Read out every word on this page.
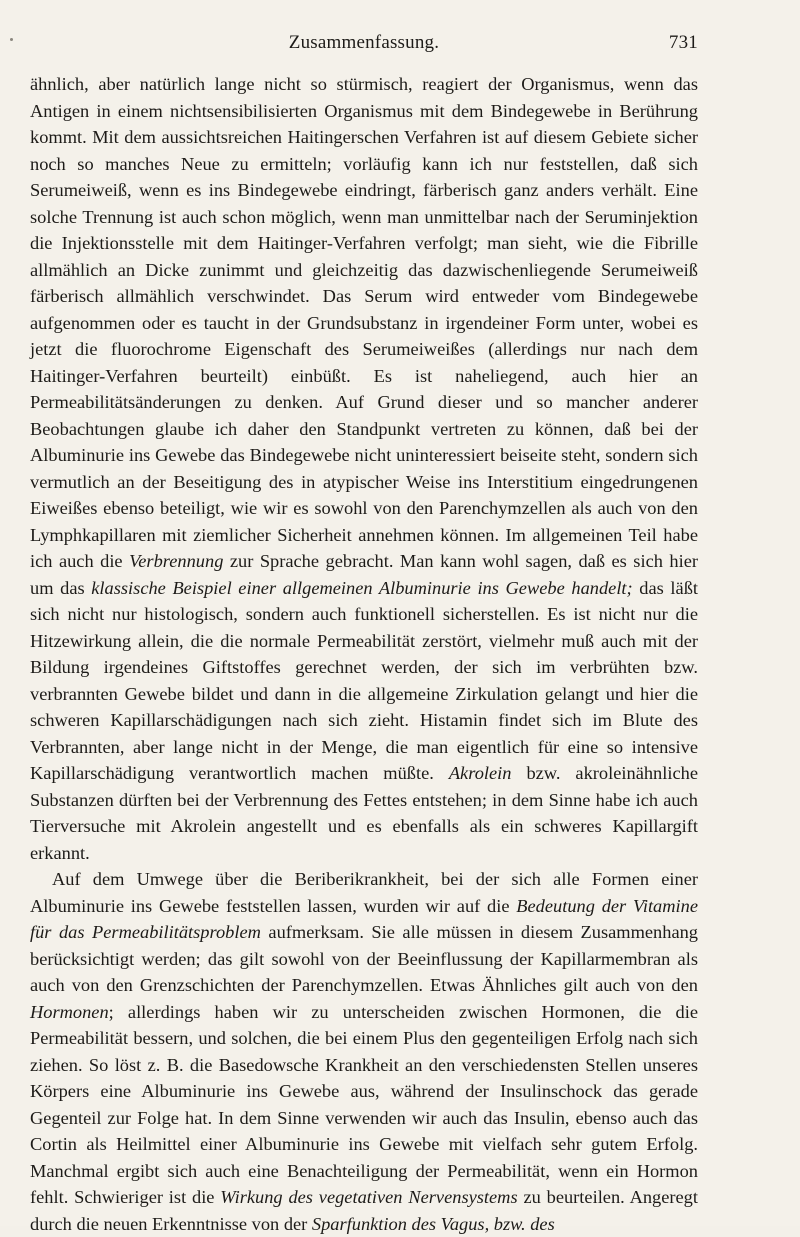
Zusammenfassung.	731

ähnlich, aber natürlich lange nicht so stürmisch, reagiert der Organismus, wenn das Antigen in einem nichtsensibilisierten Organismus mit dem Bindegewebe in Berührung kommt. Mit dem aussichtsreichen Haitingerschen Verfahren ist auf diesem Gebiete sicher noch so manches Neue zu ermitteln; vorläufig kann ich nur feststellen, daß sich Serumeiweiß, wenn es ins Bindegewebe eindringt, färberisch ganz anders verhält. Eine solche Trennung ist auch schon möglich, wenn man unmittelbar nach der Seruminjektion die Injektionsstelle mit dem Haitinger-Verfahren verfolgt; man sieht, wie die Fibrille allmählich an Dicke zunimmt und gleichzeitig das dazwischenliegende Serumeiweiß färberisch allmählich verschwindet. Das Serum wird entweder vom Bindegewebe aufgenommen oder es taucht in der Grundsubstanz in irgendeiner Form unter, wobei es jetzt die fluorochrome Eigenschaft des Serumeiweißes (allerdings nur nach dem Haitinger-Verfahren beurteilt) einbüßt. Es ist naheliegend, auch hier an Permeabilitätsänderungen zu denken. Auf Grund dieser und so mancher anderer Beobachtungen glaube ich daher den Standpunkt vertreten zu können, daß bei der Albuminurie ins Gewebe das Bindegewebe nicht uninteressiert beiseite steht, sondern sich vermutlich an der Beseitigung des in atypischer Weise ins Interstitium eingedrungenen Eiweißes ebenso beteiligt, wie wir es sowohl von den Parenchymzellen als auch von den Lymphkapillaren mit ziemlicher Sicherheit annehmen können. Im allgemeinen Teil habe ich auch die Verbrennung zur Sprache gebracht. Man kann wohl sagen, daß es sich hier um das klassische Beispiel einer allgemeinen Albuminurie ins Gewebe handelt; das läßt sich nicht nur histologisch, sondern auch funktionell sicherstellen. Es ist nicht nur die Hitzewirkung allein, die die normale Permeabilität zerstört, vielmehr muß auch mit der Bildung irgendeines Giftstoffes gerechnet werden, der sich im verbrühten bzw. verbrannten Gewebe bildet und dann in die allgemeine Zirkulation gelangt und hier die schweren Kapillarschädigungen nach sich zieht. Histamin findet sich im Blute des Verbrannten, aber lange nicht in der Menge, die man eigentlich für eine so intensive Kapillarschädigung verantwortlich machen müßte. Akrolein bzw. akroleinähnliche Substanzen dürften bei der Verbrennung des Fettes entstehen; in dem Sinne habe ich auch Tierversuche mit Akrolein angestellt und es ebenfalls als ein schweres Kapillargift erkannt.

Auf dem Umwege über die Beriberikrankheit, bei der sich alle Formen einer Albuminurie ins Gewebe feststellen lassen, wurden wir auf die Bedeutung der Vitamine für das Permeabilitätsproblem aufmerksam. Sie alle müssen in diesem Zusammenhang berücksichtigt werden; das gilt sowohl von der Beeinflussung der Kapillarmembran als auch von den Grenzschichten der Parenchymzellen. Etwas Ähnliches gilt auch von den Hormonen; allerdings haben wir zu unterscheiden zwischen Hormonen, die die Permeabilität bessern, und solchen, die bei einem Plus den gegenteiligen Erfolg nach sich ziehen. So löst z. B. die Basedowsche Krankheit an den verschiedensten Stellen unseres Körpers eine Albuminurie ins Gewebe aus, während der Insulinschock das gerade Gegenteil zur Folge hat. In dem Sinne verwenden wir auch das Insulin, ebenso auch das Cortin als Heilmittel einer Albuminurie ins Gewebe mit vielfach sehr gutem Erfolg. Manchmal ergibt sich auch eine Benachteiligung der Permeabilität, wenn ein Hormon fehlt. Schwieriger ist die Wirkung des vegetativen Nervensystems zu beurteilen. Angeregt durch die neuen Erkenntnisse von der Sparfunktion des Vagus, bzw. des
